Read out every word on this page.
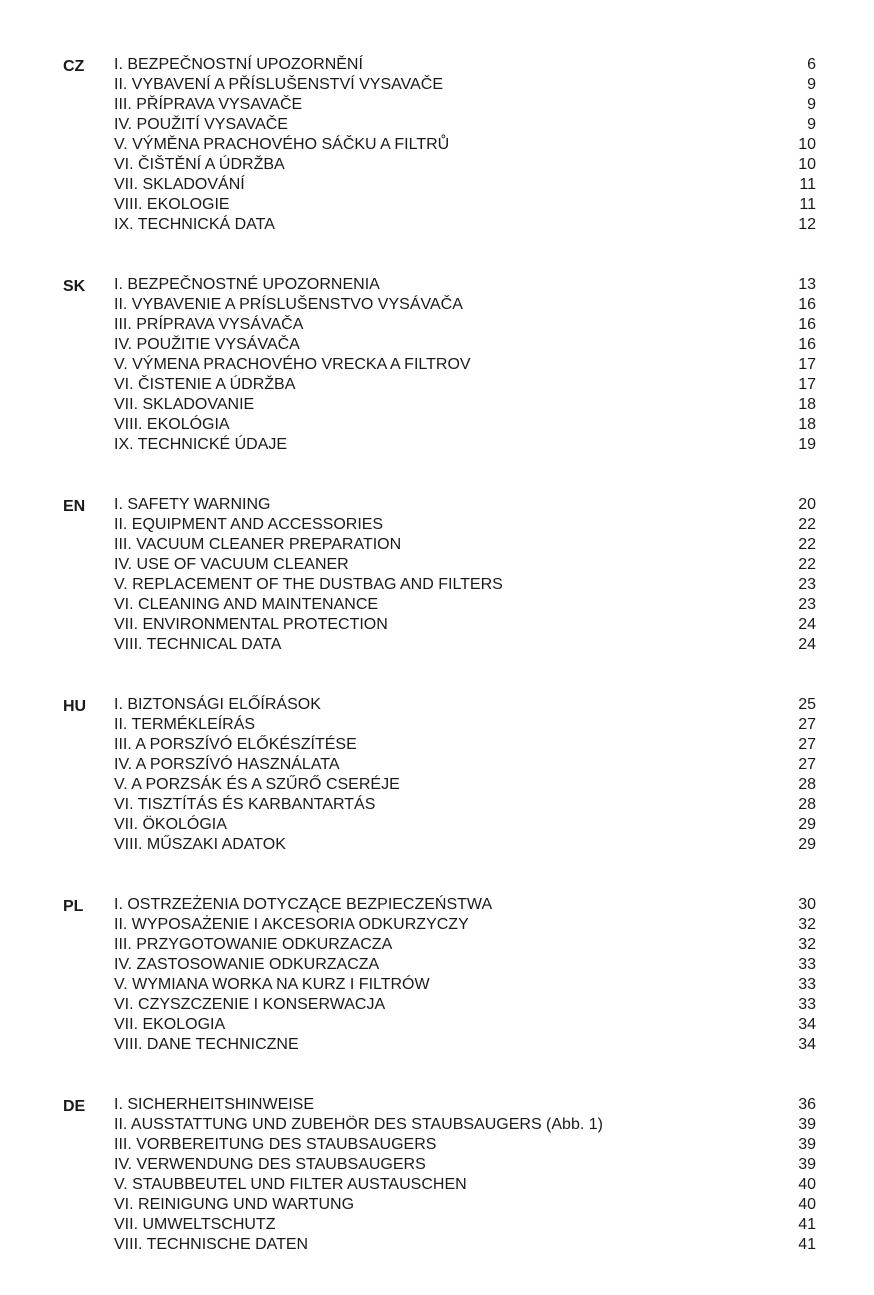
CZ I. BEZPEČNOSTNÍ UPOZORNĚNÍ	6
II. VYBAVENÍ A PŘÍSLUŠENSTVÍ VYSAVAČE	9
III. PŘÍPRAVA VYSAVAČE	9
IV. POUŽITÍ VYSAVAČE	9
V. VÝMĚNA PRACHOVÉHO SÁČKU A FILTRŮ	10
VI. ČIŠTĚNÍ A ÚDRŽBA	10
VII. SKLADOVÁNÍ	11
VIII. EKOLOGIE	11
IX. TECHNICKÁ DATA	12
SK I. BEZPEČNOSTNÉ UPOZORNENIA	13
II. VYBAVENIE A PRÍSLUŠENSTVO VYSÁVAČA	16
III. PRÍPRAVA VYSÁVAČA	16
IV. POUŽITIE VYSÁVAČA	16
V. VÝMENA PRACHOVÉHO VRECKA A FILTROV	17
VI. ČISTENIE A ÚDRŽBA	17
VII. SKLADOVANIE	18
VIII. EKOLÓGIA	18
IX. TECHNICKÉ ÚDAJE	19
EN I. SAFETY WARNING	20
II. EQUIPMENT AND ACCESSORIES	22
III. VACUUM CLEANER PREPARATION	22
IV. USE OF VACUUM CLEANER	22
V. REPLACEMENT OF THE DUSTBAG AND FILTERS	23
VI. CLEANING AND MAINTENANCE	23
VII. ENVIRONMENTAL PROTECTION	24
VIII. TECHNICAL DATA	24
HU I. BIZTONSÁGI ELŐÍRÁSOK	25
II. TERMÉKLEÍRÁS	27
III. A PORSZÍVÓ ELŐKÉSZÍTÉSE	27
IV. A PORSZÍVÓ HASZNÁLATA	27
V. A PORZSÁK ÉS A SZŰRŐ CSERÉJE	28
VI. TISZTÍTÁS ÉS KARBANTARTÁS	28
VII. ÖKOLÓGIA	29
VIII. MŰSZAKI ADATOK	29
PL I. OSTRZEŻENIA DOTYCZĄCE BEZPIECZEŃSTWA	30
II. WYPOSAŻENIE I AKCESORIA ODKURZYCZY	32
III. PRZYGOTOWANIE ODKURZACZA	32
IV. ZASTOSOWANIE ODKURZACZA	33
V. WYMIANA WORKA NA KURZ I FILTRÓW	33
VI. CZYSZCZENIE I KONSERWACJA	33
VII. EKOLOGIA	34
VIII. DANE TECHNICZNE	34
DE I. SICHERHEITSHINWEISE	36
II. AUSSTATTUNG UND ZUBEHÖR DES STAUBSAUGERS (Abb. 1)	39
III. VORBEREITUNG DES STAUBSAUGERS	39
IV. VERWENDUNG DES STAUBSAUGERS	39
V. STAUBBEUTEL UND FILTER AUSTAUSCHEN	40
VI. REINIGUNG UND WARTUNG	40
VII. UMWELTSCHUTZ	41
VIII. TECHNISCHE DATEN	41
